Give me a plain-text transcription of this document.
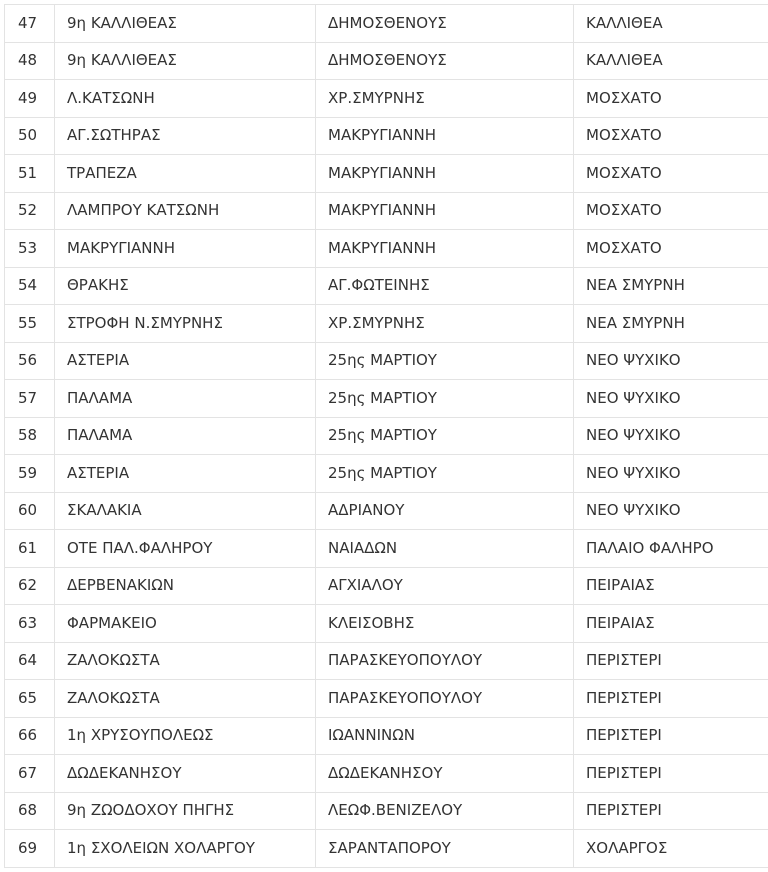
47	9η ΚΑΛΛΙΘΕΑΣ	ΔΗΜΟΣΘΕΝΟΥΣ	ΚΑΛΛΙΘΕΑ
48	9η ΚΑΛΛΙΘΕΑΣ	ΔΗΜΟΣΘΕΝΟΥΣ	ΚΑΛΛΙΘΕΑ
49	Λ.ΚΑΤΣΩΝΗ	ΧΡ.ΣΜΥΡΝΗΣ	ΜΟΣΧΑΤΟ
50	ΑΓ.ΣΩΤΗΡΑΣ	ΜΑΚΡΥΓΙΑΝΝΗ	ΜΟΣΧΑΤΟ
51	ΤΡΑΠΕΖΑ	ΜΑΚΡΥΓΙΑΝΝΗ	ΜΟΣΧΑΤΟ
52	ΛΑΜΠΡΟΥ ΚΑΤΣΩΝΗ	ΜΑΚΡΥΓΙΑΝΝΗ	ΜΟΣΧΑΤΟ
53	ΜΑΚΡΥΓΙΑΝΝΗ	ΜΑΚΡΥΓΙΑΝΝΗ	ΜΟΣΧΑΤΟ
54	ΘΡΑΚΗΣ	ΑΓ.ΦΩΤΕΙΝΗΣ	ΝΕΑ ΣΜΥΡΝΗ
55	ΣΤΡΟΦΗ Ν.ΣΜΥΡΝΗΣ	ΧΡ.ΣΜΥΡΝΗΣ	ΝΕΑ ΣΜΥΡΝΗ
56	ΑΣΤΕΡΙΑ	25ης ΜΑΡΤΙΟΥ	ΝΕΟ ΨΥΧΙΚΟ
57	ΠΑΛΑΜΑ	25ης ΜΑΡΤΙΟΥ	ΝΕΟ ΨΥΧΙΚΟ
58	ΠΑΛΑΜΑ	25ης ΜΑΡΤΙΟΥ	ΝΕΟ ΨΥΧΙΚΟ
59	ΑΣΤΕΡΙΑ	25ης ΜΑΡΤΙΟΥ	ΝΕΟ ΨΥΧΙΚΟ
60	ΣΚΑΛΑΚΙΑ	ΑΔΡΙΑΝΟΥ	ΝΕΟ ΨΥΧΙΚΟ
61	ΟΤΕ ΠΑΛ.ΦΑΛΗΡΟΥ	ΝΑΙΑΔΩΝ	ΠΑΛΑΙΟ ΦΑΛΗΡΟ
62	ΔΕΡΒΕΝΑΚΙΩΝ	ΑΓΧΙΑΛΟΥ	ΠΕΙΡΑΙΑΣ
63	ΦΑΡΜΑΚΕΙΟ	ΚΛΕΙΣΟΒΗΣ	ΠΕΙΡΑΙΑΣ
64	ΖΑΛΟΚΩΣΤΑ	ΠΑΡΑΣΚΕΥΟΠΟΥΛΟΥ	ΠΕΡΙΣΤΕΡΙ
65	ΖΑΛΟΚΩΣΤΑ	ΠΑΡΑΣΚΕΥΟΠΟΥΛΟΥ	ΠΕΡΙΣΤΕΡΙ
66	1η ΧΡΥΣΟΥΠΟΛΕΩΣ	ΙΩΑΝΝΙΝΩΝ	ΠΕΡΙΣΤΕΡΙ
67	ΔΩΔΕΚΑΝΗΣΟΥ	ΔΩΔΕΚΑΝΗΣΟΥ	ΠΕΡΙΣΤΕΡΙ
68	9η ΖΩΟΔΟΧΟΥ ΠΗΓΗΣ	ΛΕΩΦ.ΒΕΝΙΖΕΛΟΥ	ΠΕΡΙΣΤΕΡΙ
69	1η ΣΧΟΛΕΙΩΝ ΧΟΛΑΡΓΟΥ	ΣΑΡΑΝΤΑΠΟΡΟΥ	ΧΟΛΑΡΓΟΣ
